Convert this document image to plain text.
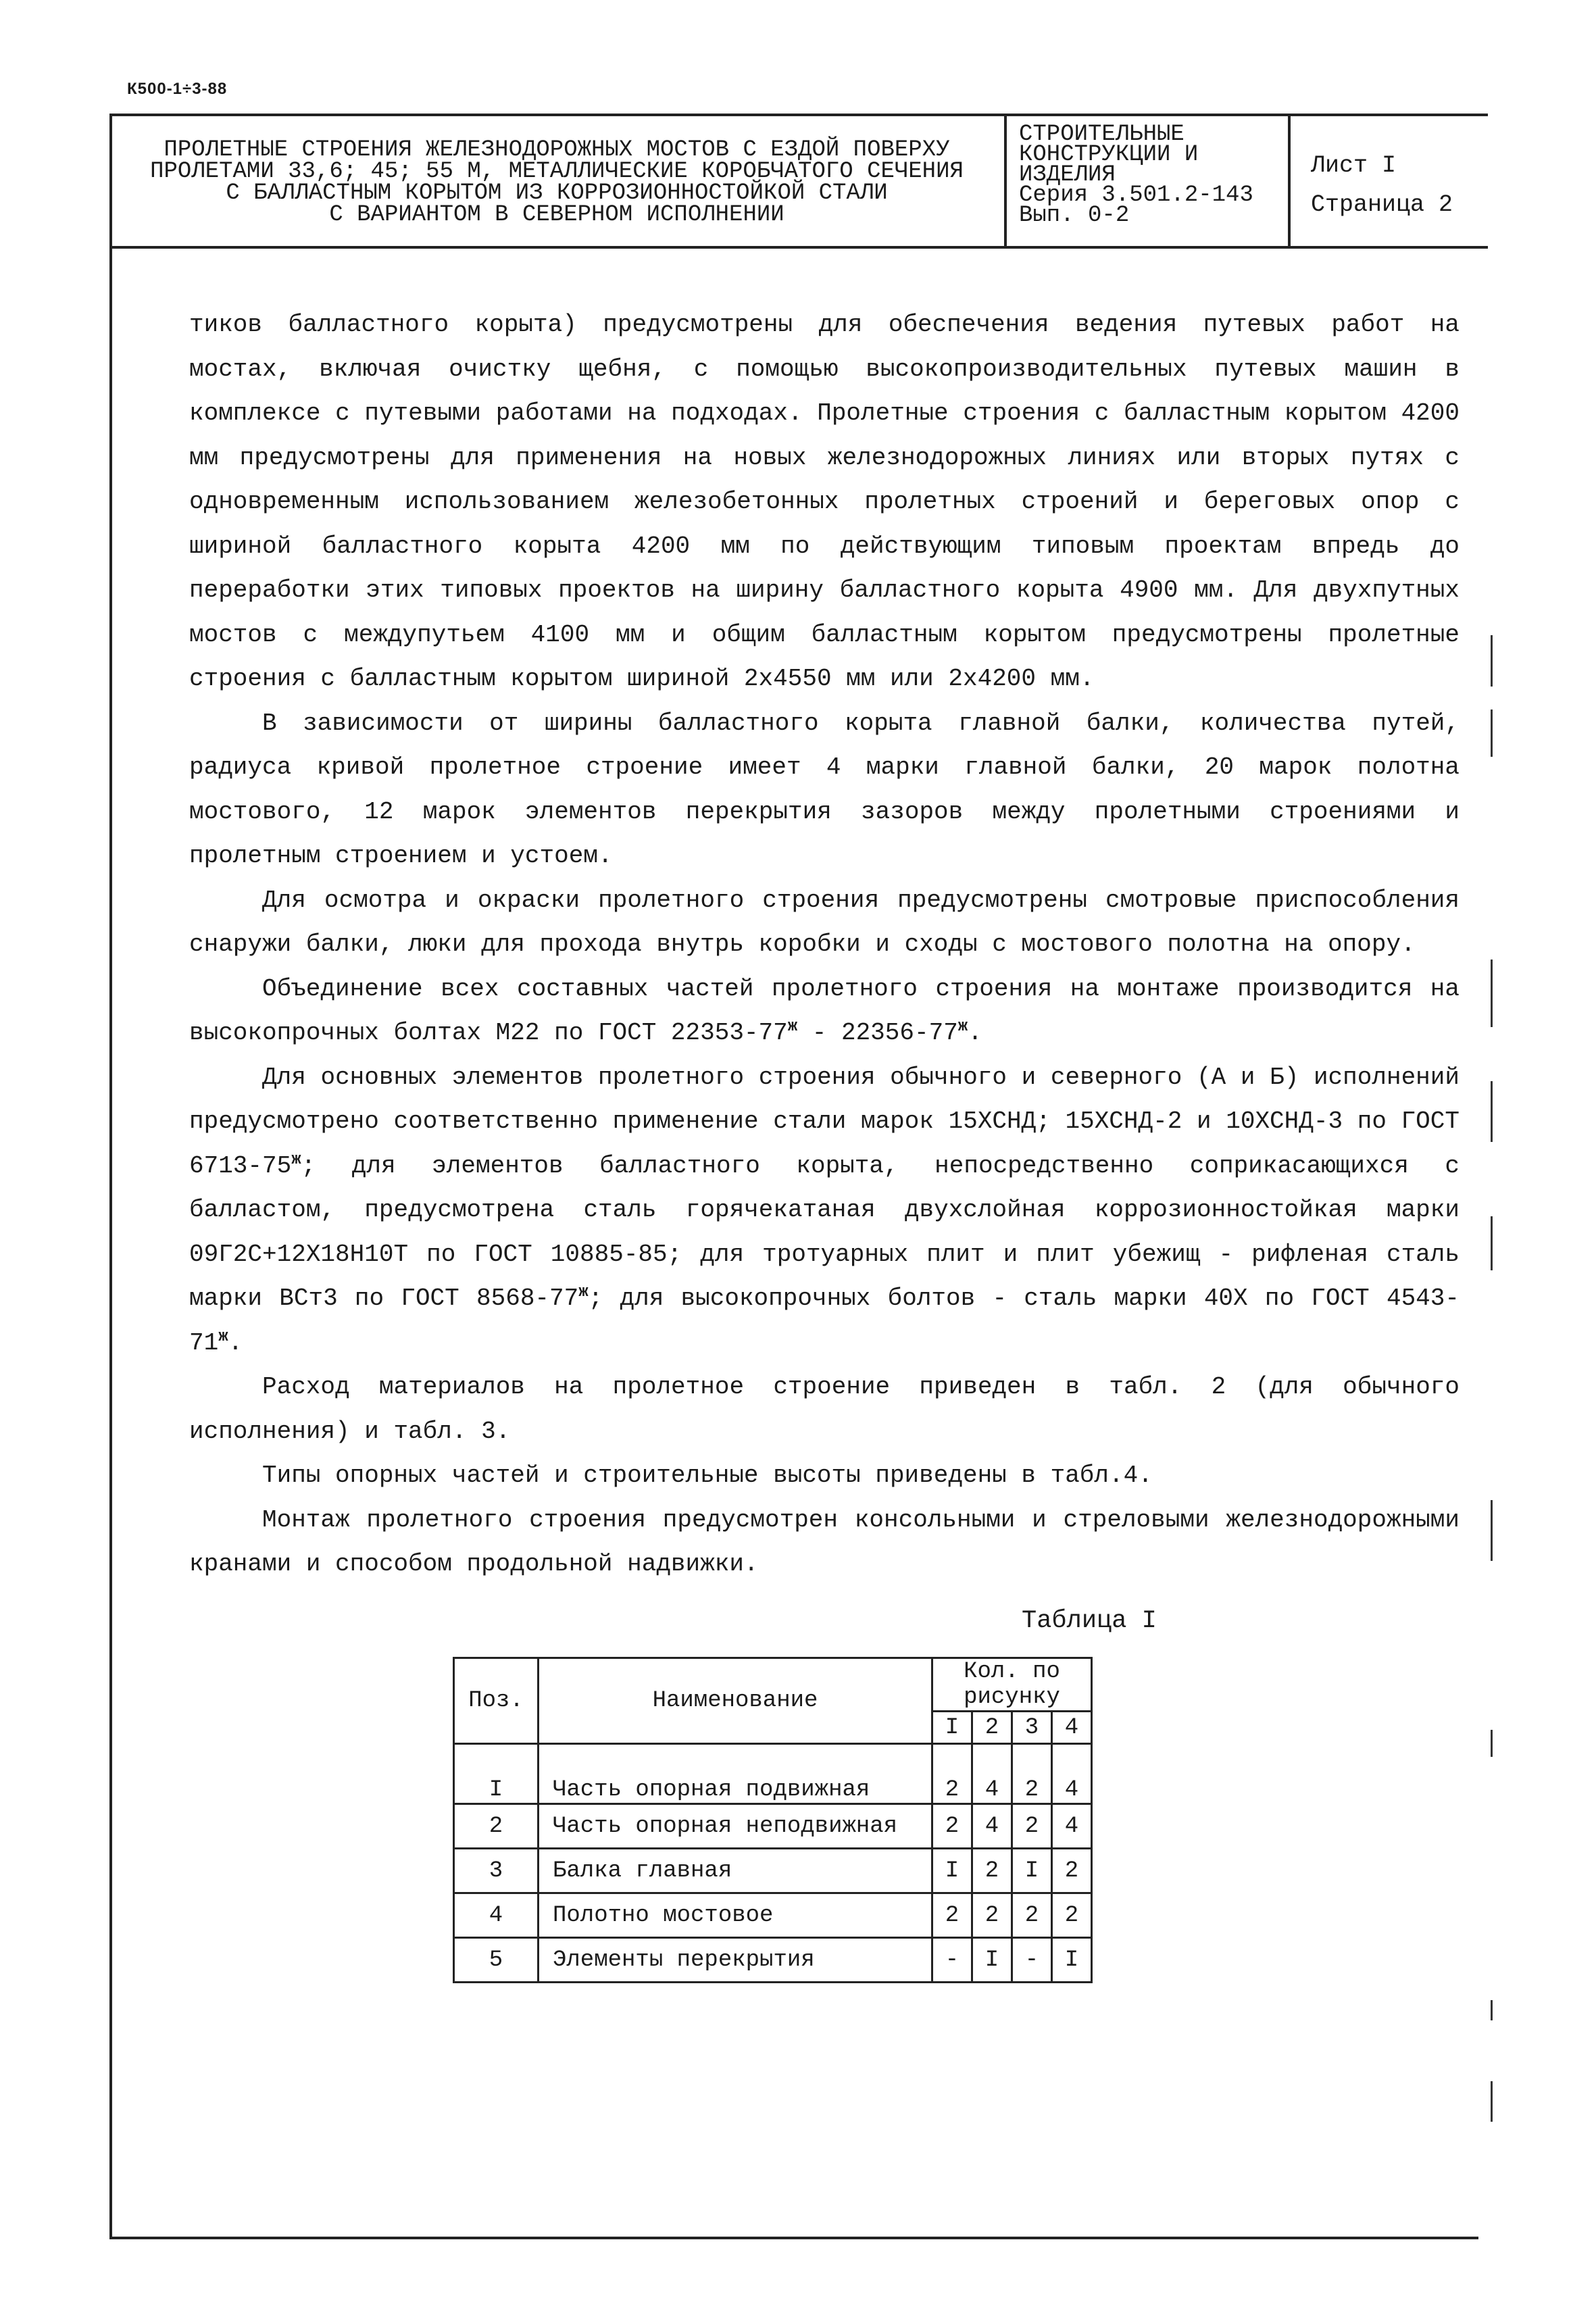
К500-1÷3-88
ПРОЛЕТНЫЕ СТРОЕНИЯ ЖЕЛЕЗНОДОРОЖНЫХ МОСТОВ С ЕЗДОЙ ПОВЕРХУ
ПРОЛЕТАМИ 33,6; 45; 55 М, МЕТАЛЛИЧЕСКИЕ КОРОБЧАТОГО СЕЧЕНИЯ
С БАЛЛАСТНЫМ КОРЫТОМ ИЗ КОРРОЗИОННОСТОЙКОЙ СТАЛИ
С ВАРИАНТОМ В СЕВЕРНОМ ИСПОЛНЕНИИ
СТРОИТЕЛЬНЫЕ
КОНСТРУКЦИИ И
ИЗДЕЛИЯ
Серия 3.501.2-143
Вып. 0-2
Лист I
Страница 2

тиков балластного корыта) предусмотрены для обеспечения ведения путевых работ на мостах, включая очистку щебня, с помощью высокопроизводительных путевых машин в комплексе с путевыми работами на подходах. Пролетные строения с балластным корытом 4200 мм предусмотрены для применения на новых железнодорожных линиях или вторых путях с одновременным использованием железобетонных пролетных строений и береговых опор с шириной балластного корыта 4200 мм по действующим типовым проектам впредь до переработки этих типовых проектов на ширину балластного корыта 4900 мм. Для двухпутных мостов с междупутьем 4100 мм и общим балластным корытом предусмотрены пролетные строения с балластным корытом шириной 2х4550 мм или 2х4200 мм.

В зависимости от ширины балластного корыта главной балки, количества путей, радиуса кривой пролетное строение имеет 4 марки главной балки, 20 марок полотна мостового, 12 марок элементов перекрытия зазоров между пролетными строениями и пролетным строением и устоем.

Для осмотра и окраски пролетного строения предусмотрены смотровые приспособления снаружи балки, люки для прохода внутрь коробки и сходы с мостового полотна на опору.

Объединение всех составных частей пролетного строения на монтаже производится на высокопрочных болтах М22 по ГОСТ $22353-77^ж - 22356-77^ж$.

Для основных элементов пролетного строения обычного и северного (А и Б) исполнений предусмотрено соответственно применение стали марок 15ХСНД; 15ХСНД-2 и 10ХСНД-3 по ГОСТ $6713-75^ж$; для элементов балластного корыта, непосредственно соприкасающихся с балластом, предусмотрена сталь горячекатаная двухслойная коррозионностойкая марки 09Г2С+12Х18Н10Т по ГОСТ 10885-85; для тротуарных плит и плит убежищ - рифленая сталь марки ВСт3 по ГОСТ $8568-77^ж$; для высокопрочных болтов - сталь марки 40Х по ГОСТ $4543-71^ж$.

Расход материалов на пролетное строение приведен в табл. 2 (для обычного исполнения) и табл. 3.

Типы опорных частей и строительные высоты приведены в табл.4.

Монтаж пролетного строения предусмотрен консольными и стреловыми железнодорожными кранами и способом продольной надвижки.

Таблица I
Поз.	Наименование	Кол. по рисунку			
		I	2	3	4
I	Часть опорная подвижная	2	4	2	4
2	Часть опорная неподвижная	2	4	2	4
3	Балка главная	I	2	I	2
4	Полотно мостовое	2	2	2	2
5	Элементы перекрытия	-	I	-	I
